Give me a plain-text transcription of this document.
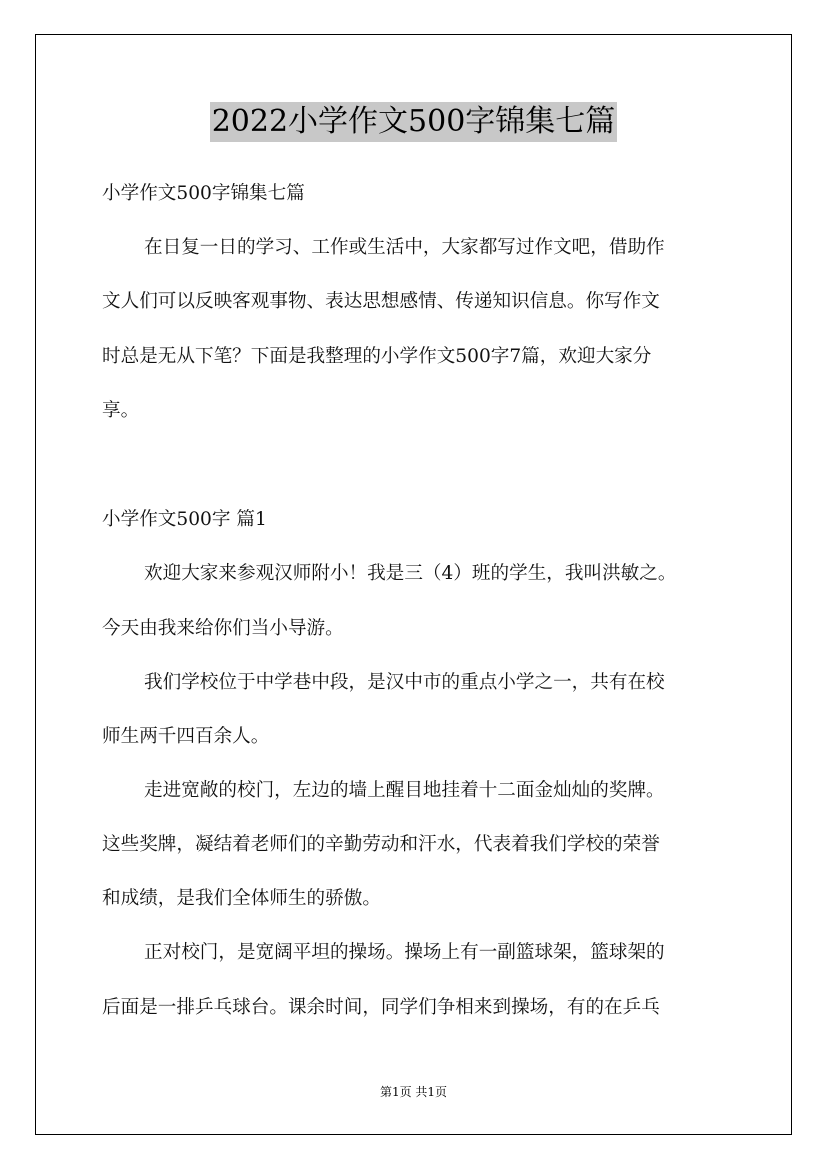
2022小学作文500字锦集七篇

小学作文500字锦集七篇

在日复一日的学习、工作或生活中，大家都写过作文吧，借助作

文人们可以反映客观事物、表达思想感情、传递知识信息。你写作文

时总是无从下笔？下面是我整理的小学作文500字7篇，欢迎大家分

享。

小学作文500字 篇1

欢迎大家来参观汉师附小！我是三（4）班的学生，我叫洪敏之。

今天由我来给你们当小导游。

我们学校位于中学巷中段，是汉中市的重点小学之一，共有在校

师生两千四百余人。

走进宽敞的校门，左边的墙上醒目地挂着十二面金灿灿的奖牌。

这些奖牌，凝结着老师们的辛勤劳动和汗水，代表着我们学校的荣誉

和成绩，是我们全体师生的骄傲。

正对校门，是宽阔平坦的操场。操场上有一副篮球架，篮球架的

后面是一排乒乓球台。课余时间，同学们争相来到操场，有的在乒乓

第1页 共1页
